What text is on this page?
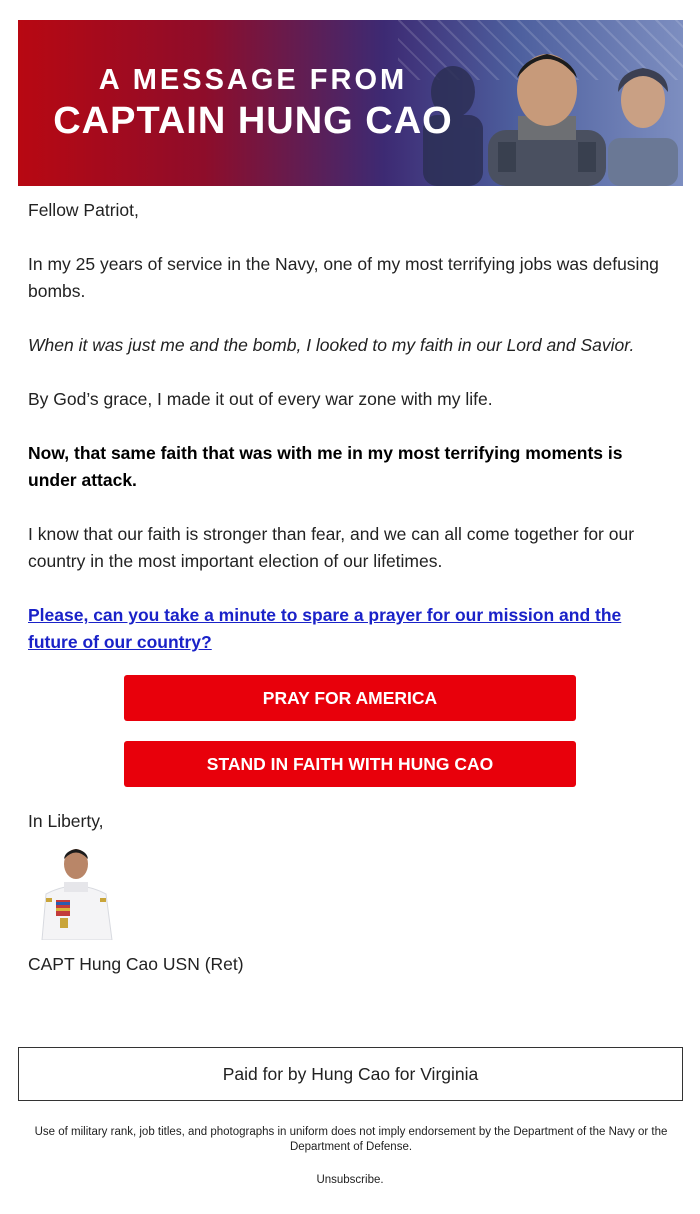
A MESSAGE FROM
CAPTAIN HUNG CAO

Fellow Patriot,

In my 25 years of service in the Navy, one of my most terrifying jobs was defusing bombs.

When it was just me and the bomb, I looked to my faith in our Lord and Savior.

By God’s grace, I made it out of every war zone with my life.

Now, that same faith that was with me in my most terrifying moments is under attack.

I know that our faith is stronger than fear, and we can all come together for our country in the most important election of our lifetimes.

Please, can you take a minute to spare a prayer for our mission and the future of our country?

PRAY FOR AMERICA
STAND IN FAITH WITH HUNG CAO

In Liberty,

CAPT Hung Cao USN (Ret)

Paid for by Hung Cao for Virginia
Use of military rank, job titles, and photographs in uniform does not imply endorsement by the Department of the Navy or the Department of Defense.
Unsubscribe.
